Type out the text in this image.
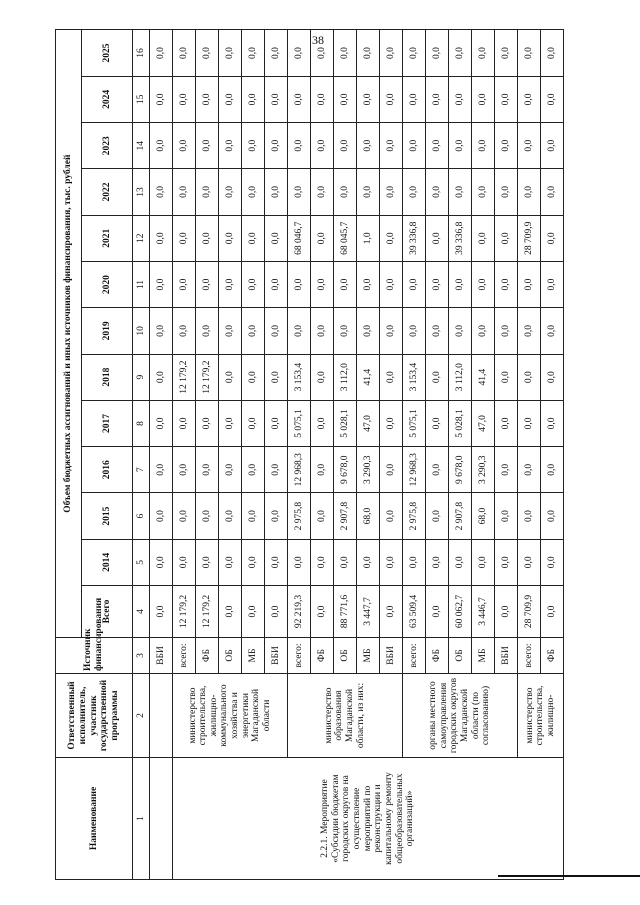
38
Наименование	Ответственный исполнитель, участник государственной программы	Источник финансирования	Объем бюджетных ассигнований и иных источников финансирования, тыс. рублей												
			Всего	2014	2015	2016	2017	2018	2019	2020	2021	2022	2023	2024	2025
1	2	3	4	5	6	7	8	9	10	11	12	13	14	15	16
		ВБИ	0,0	0,0	0,0	0,0	0,0	0,0	0,0	0,0	0,0	0,0	0,0	0,0	0,0
2.2.1. Мероприятие «Субсидии бюджетам городских округов на осуществление мероприятий по реконструкции и капитальному ремонту общеобразовательных организаций»	министерство строительства, жилищно-коммунального хозяйства и энергетики Магаданской области	всего:	12 179,2	0,0	0,0	0,0	0,0	12 179,2	0,0	0,0	0,0	0,0	0,0	0,0	0,0
		ФБ	12 179,2	0,0	0,0	0,0	0,0	12 179,2	0,0	0,0	0,0	0,0	0,0	0,0	0,0
		ОБ	0,0	0,0	0,0	0,0	0,0	0,0	0,0	0,0	0,0	0,0	0,0	0,0	0,0
		МБ	0,0	0,0	0,0	0,0	0,0	0,0	0,0	0,0	0,0	0,0	0,0	0,0	0,0
		ВБИ	0,0	0,0	0,0	0,0	0,0	0,0	0,0	0,0	0,0	0,0	0,0	0,0	0,0
	министерство образования Магаданской области, из них:	всего:	92 219,3	0,0	2 975,8	12 968,3	5 075,1	3 153,4	0,0	0,0	68 046,7	0,0	0,0	0,0	0,0
		ФБ	0,0	0,0	0,0	0,0	0,0	0,0	0,0	0,0	0,0	0,0	0,0	0,0	0,0
		ОБ	88 771,6	0,0	2 907,8	9 678,0	5 028,1	3 112,0	0,0	0,0	68 045,7	0,0	0,0	0,0	0,0
		МБ	3 447,7	0,0	68,0	3 290,3	47,0	41,4	0,0	0,0	1,0	0,0	0,0	0,0	0,0
		ВБИ	0,0	0,0	0,0	0,0	0,0	0,0	0,0	0,0	0,0	0,0	0,0	0,0	0,0
	органы местного самоуправления городских округов Магаданской области (по согласованию)	всего:	63 509,4	0,0	2 975,8	12 968,3	5 075,1	3 153,4	0,0	0,0	39 336,8	0,0	0,0	0,0	0,0
		ФБ	0,0	0,0	0,0	0,0	0,0	0,0	0,0	0,0	0,0	0,0	0,0	0,0	0,0
		ОБ	60 062,7	0,0	2 907,8	9 678,0	5 028,1	3 112,0	0,0	0,0	39 336,8	0,0	0,0	0,0	0,0
		МБ	3 446,7	0,0	68,0	3 290,3	47,0	41,4	0,0	0,0	0,0	0,0	0,0	0,0	0,0
		ВБИ	0,0	0,0	0,0	0,0	0,0	0,0	0,0	0,0	0,0	0,0	0,0	0,0	0,0
	министерство строительства, жилищно-	всего:	28 709,9	0,0	0,0	0,0	0,0	0,0	0,0	0,0	28 709,9	0,0	0,0	0,0	0,0
		ФБ	0,0	0,0	0,0	0,0	0,0	0,0	0,0	0,0	0,0	0,0	0,0	0,0	0,0
